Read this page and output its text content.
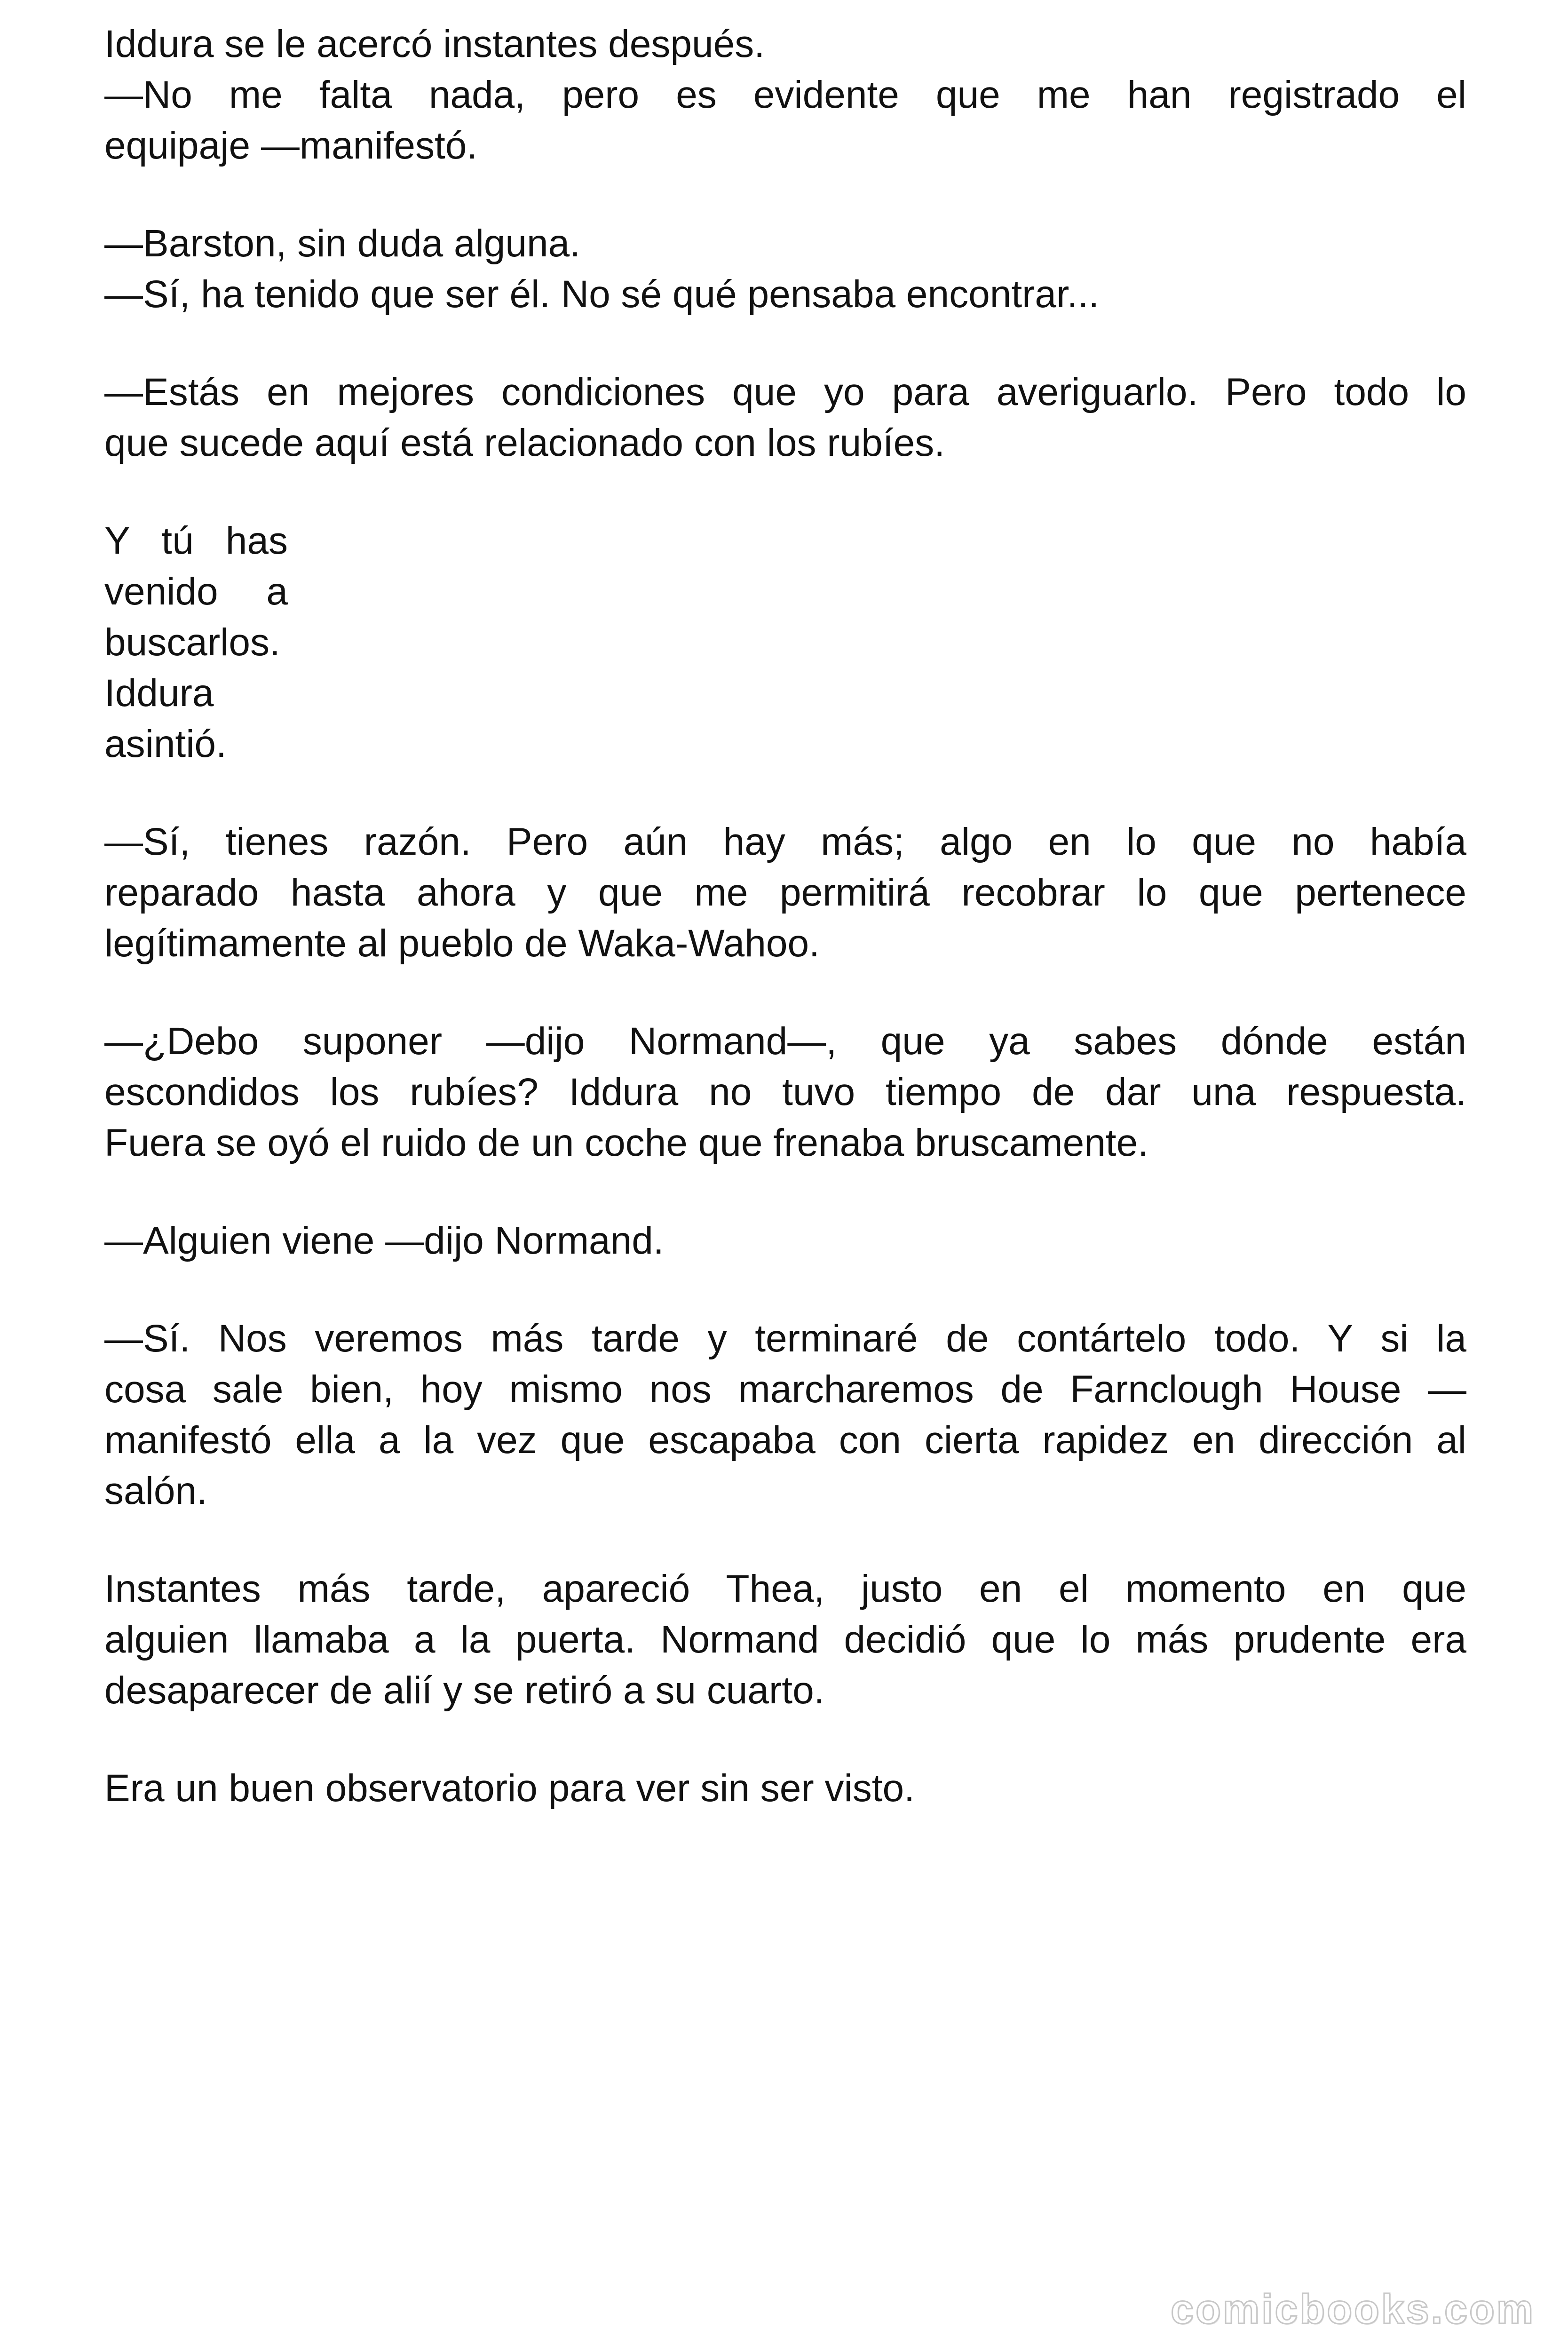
Iddura se le acercó instantes después.
—No me falta nada, pero es evidente que me han registrado el
equipaje —manifestó.
—Barston, sin duda alguna.
—Sí, ha tenido que ser él. No sé qué pensaba encontrar...
—Estás en mejores condiciones que yo para averiguarlo. Pero todo lo
que sucede aquí está relacionado con los rubíes.
Y tú has
venido a
buscarlos.
Iddura
asintió.
—Sí, tienes razón. Pero aún hay más; algo en lo que no había
reparado hasta ahora y que me permitirá recobrar lo que pertenece
legítimamente al pueblo de Waka-Wahoo.
—¿Debo suponer —dijo Normand—, que ya sabes dónde están
escondidos los rubíes? Iddura no tuvo tiempo de dar una respuesta.
Fuera se oyó el ruido de un coche que frenaba bruscamente.
—Alguien viene —dijo Normand.
—Sí. Nos veremos más tarde y terminaré de contártelo todo. Y si la
cosa sale bien, hoy mismo nos marcharemos de Farnclough House —
manifestó ella a la vez que escapaba con cierta rapidez en dirección al
salón.
Instantes más tarde, apareció Thea, justo en el momento en que
alguien llamaba a la puerta. Normand decidió que lo más prudente era
desaparecer de alií y se retiró a su cuarto.
Era un buen observatorio para ver sin ser visto.
comicbooks.com
